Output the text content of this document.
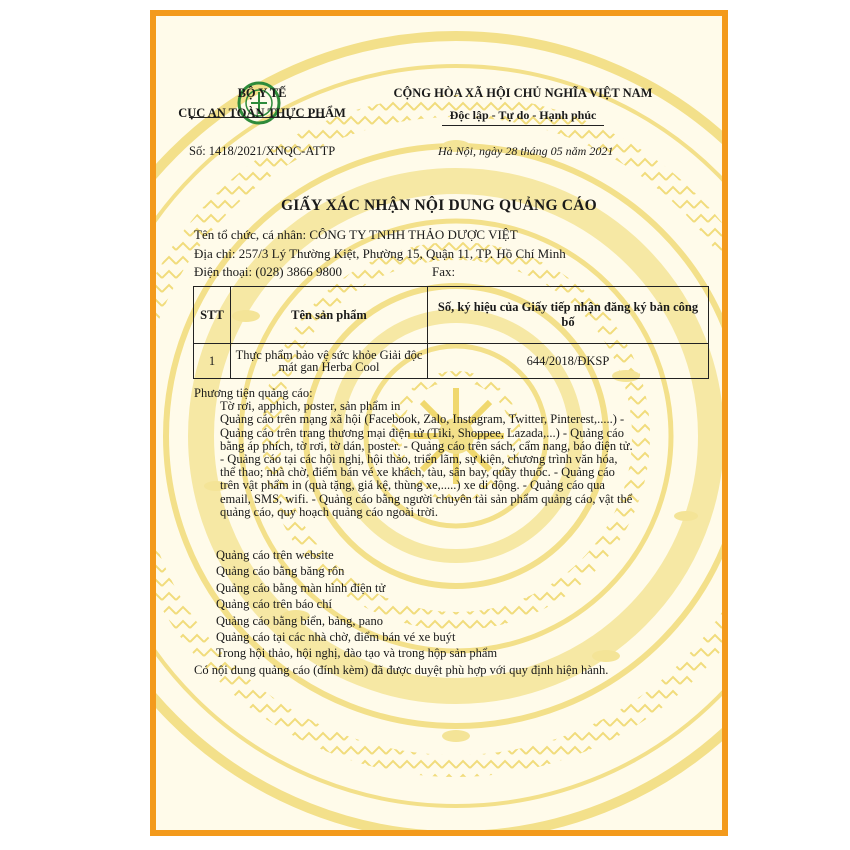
BỘ Y TẾ
CỤC AN TOÀN THỰC PHẨM
Số: 1418/2021/XNQC-ATTP
CỘNG HÒA XÃ HỘI CHỦ NGHĨA VIỆT NAM
Độc lập - Tự do - Hạnh phúc
Hà Nội, ngày 28 tháng 05 năm 2021
GIẤY XÁC NHẬN NỘI DUNG QUẢNG CÁO
Tên tổ chức, cá nhân: CÔNG TY TNHH THẢO DƯỢC VIỆT
Địa chỉ: 257/3 Lý Thường Kiệt, Phường 15, Quận 11, TP. Hồ Chí Minh
Điện thoại: (028) 3866 9800	Fax:
STT	Tên sản phẩm	Số, ký hiệu của Giấy tiếp nhận đăng ký bản công bố
1	Thực phẩm bảo vệ sức khỏe Giải độc mát gan Herba Cool	644/2018/ĐKSP
Phương tiện quảng cáo:
Tờ rơi, apphich, poster, sản phẩm in
Quảng cáo trên mạng xã hội (Facebook, Zalo, Instagram, Twitter, Pinterest,.....) -
Quảng cáo trên trang thương mại điện tử (Tiki, Shoppee, Lazada,...) - Quảng cáo
bằng áp phích, tờ rơi, tờ dán, poster. - Quảng cáo trên sách, cẩm nang, báo điện tử.
- Quảng cáo tại các hội nghị, hội thảo, triển lãm, sự kiện, chương trình văn hóa,
thể thao; nhà chờ, điểm bán vé xe khách, tàu, sân bay, quầy thuốc. - Quảng cáo
trên vật phẩm in (quà tặng, giá kệ, thùng xe,.....) xe di động. - Quảng cáo qua
email, SMS, wifi. - Quảng cáo bằng người chuyên tải sản phẩm quảng cáo, vật thể
quảng cáo, quy hoạch quảng cáo ngoài trời.
Quảng cáo trên website
Quảng cáo bằng băng rôn
Quảng cáo bằng màn hình điện tử
Quảng cáo trên báo chí
Quảng cáo bằng biển, bảng, pano
Quảng cáo tại các nhà chờ, điểm bán vé xe buýt
Trong hội thảo, hội nghị, đào tạo và trong hộp sản phẩm
Có nội dung quảng cáo (đính kèm) đã được duyệt phù hợp với quy định hiện hành.
